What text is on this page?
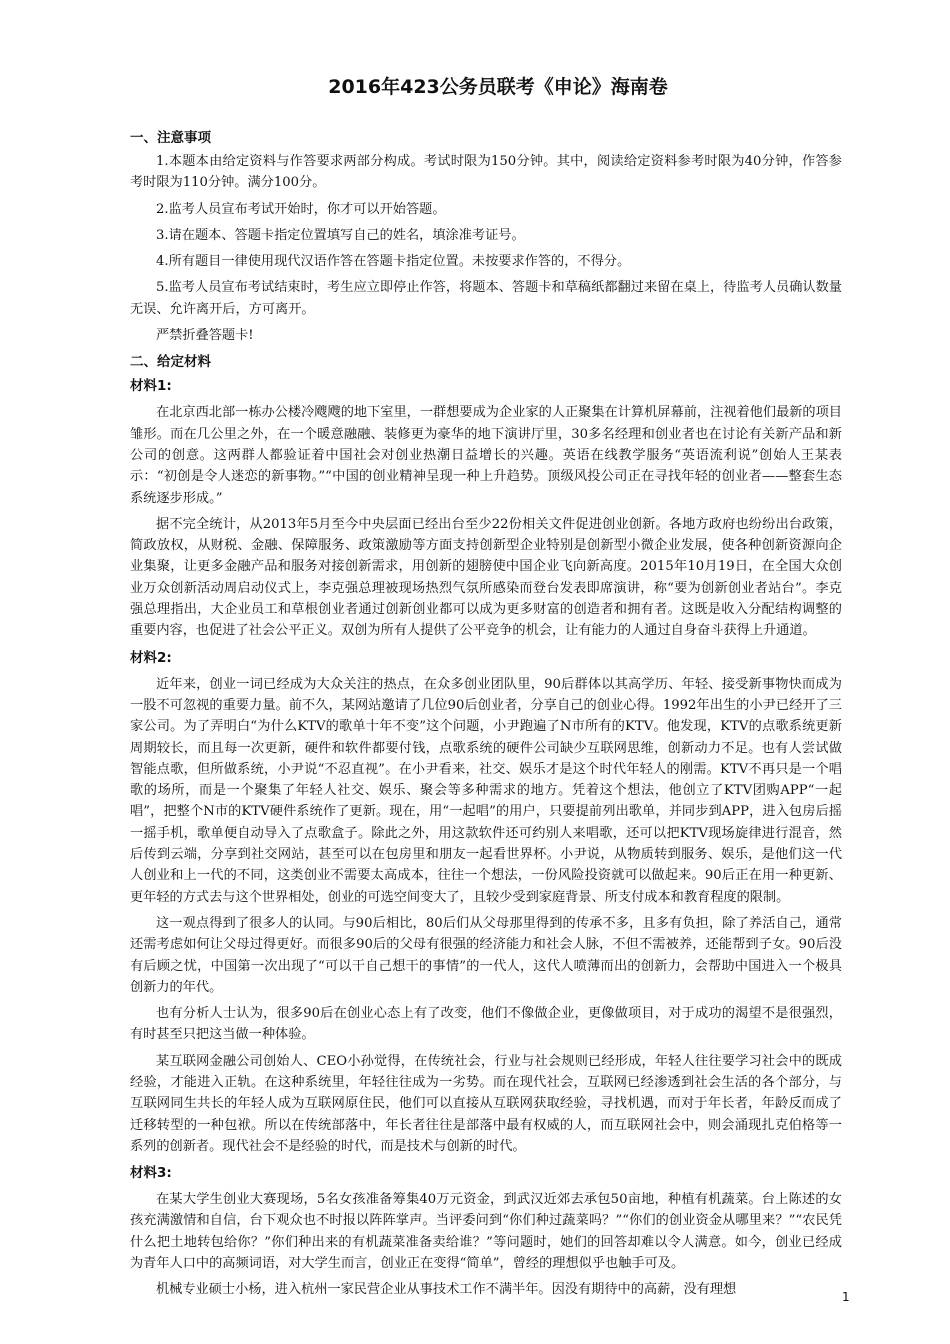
2016年423公务员联考《申论》海南卷
一、注意事项

1.本题本由给定资料与作答要求两部分构成。考试时限为150分钟。其中，阅读给定资料参考时限为40分钟，作答参考时限为110分钟。满分100分。

2.监考人员宣布考试开始时，你才可以开始答题。

3.请在题本、答题卡指定位置填写自己的姓名，填涂准考证号。

4.所有题目一律使用现代汉语作答在答题卡指定位置。未按要求作答的，不得分。

5.监考人员宣布考试结束时，考生应立即停止作答，将题本、答题卡和草稿纸都翻过来留在桌上，待监考人员确认数量无误、允许离开后，方可离开。

严禁折叠答题卡!

二、给定材料

材料1:

在北京西北部一栋办公楼冷飕飕的地下室里，一群想要成为企业家的人正聚集在计算机屏幕前，注视着他们最新的项目雏形。而在几公里之外，在一个暖意融融、装修更为豪华的地下演讲厅里，30多名经理和创业者也在讨论有关新产品和新公司的创意。这两群人都验证着中国社会对创业热潮日益增长的兴趣。英语在线教学服务“英语流利说”创始人王某表示：“初创是令人迷恋的新事物。”“中国的创业精神呈现一种上升趋势。顶级风投公司正在寻找年轻的创业者——整套生态系统逐步形成。”

据不完全统计，从2013年5月至今中央层面已经出台至少22份相关文件促进创业创新。各地方政府也纷纷出台政策，简政放权，从财税、金融、保障服务、政策激励等方面支持创新型企业特别是创新型小微企业发展，使各种创新资源向企业集聚，让更多金融产品和服务对接创新需求，用创新的翅膀使中国企业飞向新高度。2015年10月19日，在全国大众创业万众创新活动周启动仪式上，李克强总理被现场热烈气氛所感染而登台发表即席演讲，称“要为创新创业者站台”。李克强总理指出，大企业员工和草根创业者通过创新创业都可以成为更多财富的创造者和拥有者。这既是收入分配结构调整的重要内容，也促进了社会公平正义。双创为所有人提供了公平竞争的机会，让有能力的人通过自身奋斗获得上升通道。

材料2:

近年来，创业一词已经成为大众关注的热点，在众多创业团队里，90后群体以其高学历、年轻、接受新事物快而成为一股不可忽视的重要力量。前不久，某网站邀请了几位90后创业者，分享自己的创业心得。1992年出生的小尹已经开了三家公司。为了弄明白“为什么KTV的歌单十年不变”这个问题，小尹跑遍了N市所有的KTV。他发现，KTV的点歌系统更新周期较长，而且每一次更新，硬件和软件都要付钱，点歌系统的硬件公司缺少互联网思维，创新动力不足。也有人尝试做智能点歌，但所做系统，小尹说“不忍直视”。在小尹看来，社交、娱乐才是这个时代年轻人的刚需。KTV不再只是一个唱歌的场所，而是一个聚集了年轻人社交、娱乐、聚会等多种需求的地方。凭着这个想法，他创立了KTV团购APP“一起唱”，把整个N市的KTV硬件系统作了更新。现在，用“一起唱”的用户，只要提前列出歌单，并同步到APP，进入包房后摇一摇手机，歌单便自动导入了点歌盒子。除此之外，用这款软件还可约别人来唱歌，还可以把KTV现场旋律进行混音，然后传到云端，分享到社交网站，甚至可以在包房里和朋友一起看世界杯。小尹说，从物质转到服务、娱乐，是他们这一代人创业和上一代的不同，这类创业不需要太高成本，往往一个想法，一份风险投资就可以做起来。90后正在用一种更新、更年轻的方式去与这个世界相处，创业的可选空间变大了，且较少受到家庭背景、所支付成本和教育程度的限制。

这一观点得到了很多人的认同。与90后相比，80后们从父母那里得到的传承不多，且多有负担，除了养活自己，通常还需考虑如何让父母过得更好。而很多90后的父母有很强的经济能力和社会人脉，不但不需被养，还能帮到子女。90后没有后顾之忧，中国第一次出现了“可以干自己想干的事情”的一代人，这代人喷薄而出的创新力，会帮助中国进入一个极具创新力的年代。

也有分析人士认为，很多90后在创业心态上有了改变，他们不像做企业，更像做项目，对于成功的渴望不是很强烈，有时甚至只把这当做一种体验。

某互联网金融公司创始人、CEO小孙觉得，在传统社会，行业与社会规则已经形成，年轻人往往要学习社会中的既成经验，才能进入正轨。在这种系统里，年轻往往成为一劣势。而在现代社会，互联网已经渗透到社会生活的各个部分，与互联网同生共长的年轻人成为互联网原住民，他们可以直接从互联网获取经验，寻找机遇，而对于年长者，年龄反而成了迁移转型的一种包袱。所以在传统部落中，年长者往往是部落中最有权威的人，而互联网社会中，则会涌现扎克伯格等一系列的创新者。现代社会不是经验的时代，而是技术与创新的时代。

材料3:

在某大学生创业大赛现场，5名女孩准备筹集40万元资金，到武汉近郊去承包50亩地，种植有机蔬菜。台上陈述的女孩充满激情和自信，台下观众也不时报以阵阵掌声。当评委问到“你们种过蔬菜吗？”“你们的创业资金从哪里来？”“农民凭什么把土地转包给你？”你们种出来的有机蔬菜准备卖给谁？”等问题时，她们的回答却难以令人满意。如今，创业已经成为青年人口中的高频词语，对大学生而言，创业正在变得“简单”，曾经的理想似乎也触手可及。

机械专业硕士小杨，进入杭州一家民营企业从事技术工作不满半年。因没有期待中的高薪，没有理想	1
